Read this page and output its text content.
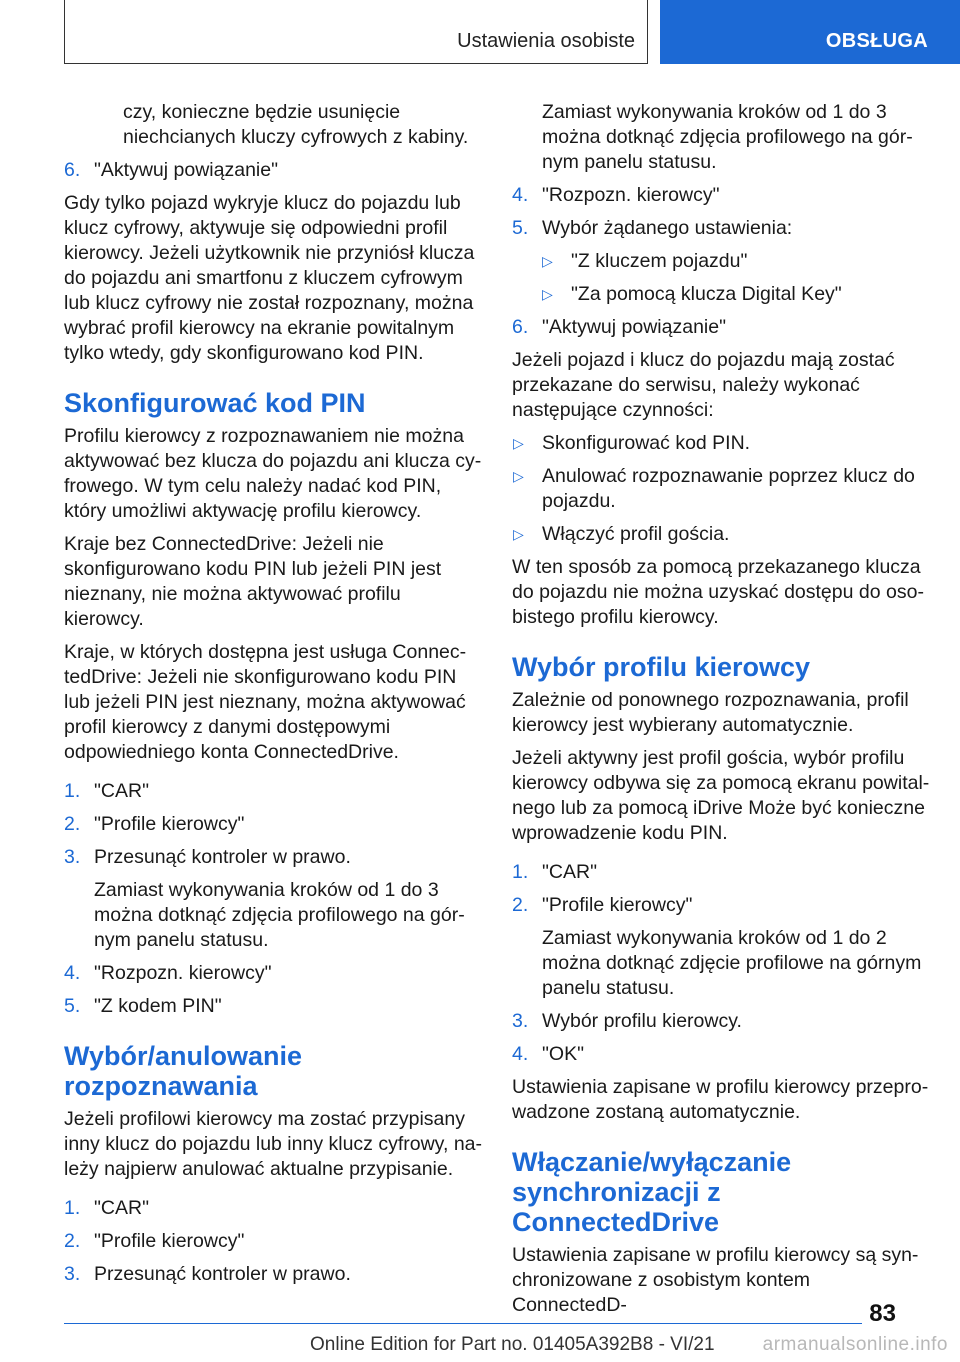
Ustawienia osobiste	OBSŁUGA

czy, konieczne będzie usunięcie niechcianych kluczy cyfrowych z kabiny.

6. "Aktywuj powiązanie"

Gdy tylko pojazd wykryje klucz do pojazdu lub klucz cyfrowy, aktywuje się odpowiedni profil kierowcy. Jeżeli użytkownik nie przyniósł klucza do pojazdu ani smartfonu z kluczem cyfrowym lub klucz cyfrowy nie został rozpoznany, można wybrać profil kierowcy na ekranie powitalnym tylko wtedy, gdy skonfigurowano kod PIN.

Skonfigurować kod PIN

Profilu kierowcy z rozpoznawaniem nie można aktywować bez klucza do pojazdu ani klucza cyfrowego. W tym celu należy nadać kod PIN, który umożliwi aktywację profilu kierowcy.

Kraje bez ConnectedDrive: Jeżeli nie skonfigurowano kodu PIN lub jeżeli PIN jest nieznany, nie można aktywować profilu kierowcy.

Kraje, w których dostępna jest usługa ConnectedDrive: Jeżeli nie skonfigurowano kodu PIN lub jeżeli PIN jest nieznany, można aktywować profil kierowcy z danymi dostępowymi odpowiedniego konta ConnectedDrive.

1. "CAR"
2. "Profile kierowcy"
3. Przesunąć kontroler w prawo.

Zamiast wykonywania kroków od 1 do 3 można dotknąć zdjęcia profilowego na górnym panelu statusu.

4. "Rozpozn. kierowcy"
5. "Z kodem PIN"
Wybór/anulowanie rozpoznawania

Jeżeli profilowi kierowcy ma zostać przypisany inny klucz do pojazdu lub inny klucz cyfrowy, należy najpierw anulować aktualne przypisanie.

1. "CAR"
2. "Profile kierowcy"
3. Przesunąć kontroler w prawo.

Zamiast wykonywania kroków od 1 do 3 można dotknąć zdjęcia profilowego na górnym panelu statusu.

4. "Rozpozn. kierowcy"
5. Wybór żądanego ustawienia:
▷ "Z kluczem pojazdu"
▷ "Za pomocą klucza Digital Key"
6. "Aktywuj powiązanie"

Jeżeli pojazd i klucz do pojazdu mają zostać przekazane do serwisu, należy wykonać następujące czynności:

▷ Skonfigurować kod PIN.
▷ Anulować rozpoznawanie poprzez klucz do pojazdu.
▷ Włączyć profil gościa.

W ten sposób za pomocą przekazanego klucza do pojazdu nie można uzyskać dostępu do osobistego profilu kierowcy.

Wybór profilu kierowcy

Zależnie od ponownego rozpoznawania, profil kierowcy jest wybierany automatycznie.

Jeżeli aktywny jest profil gościa, wybór profilu kierowcy odbywa się za pomocą ekranu powitalnego lub za pomocą iDrive Może być konieczne wprowadzenie kodu PIN.

1. "CAR"
2. "Profile kierowcy"

Zamiast wykonywania kroków od 1 do 2 można dotknąć zdjęcie profilowe na górnym panelu statusu.

3. Wybór profilu kierowcy.
4. "OK"

Ustawienia zapisane w profilu kierowcy przeprowadzone zostaną automatycznie.

Włączanie/wyłączanie synchronizacji z ConnectedDrive

Ustawienia zapisane w profilu kierowcy są synchronizowane z osobistym kontem ConnectedD-	83
Online Edition for Part no. 01405A392B8 - VI/21	armanualsonline.info
